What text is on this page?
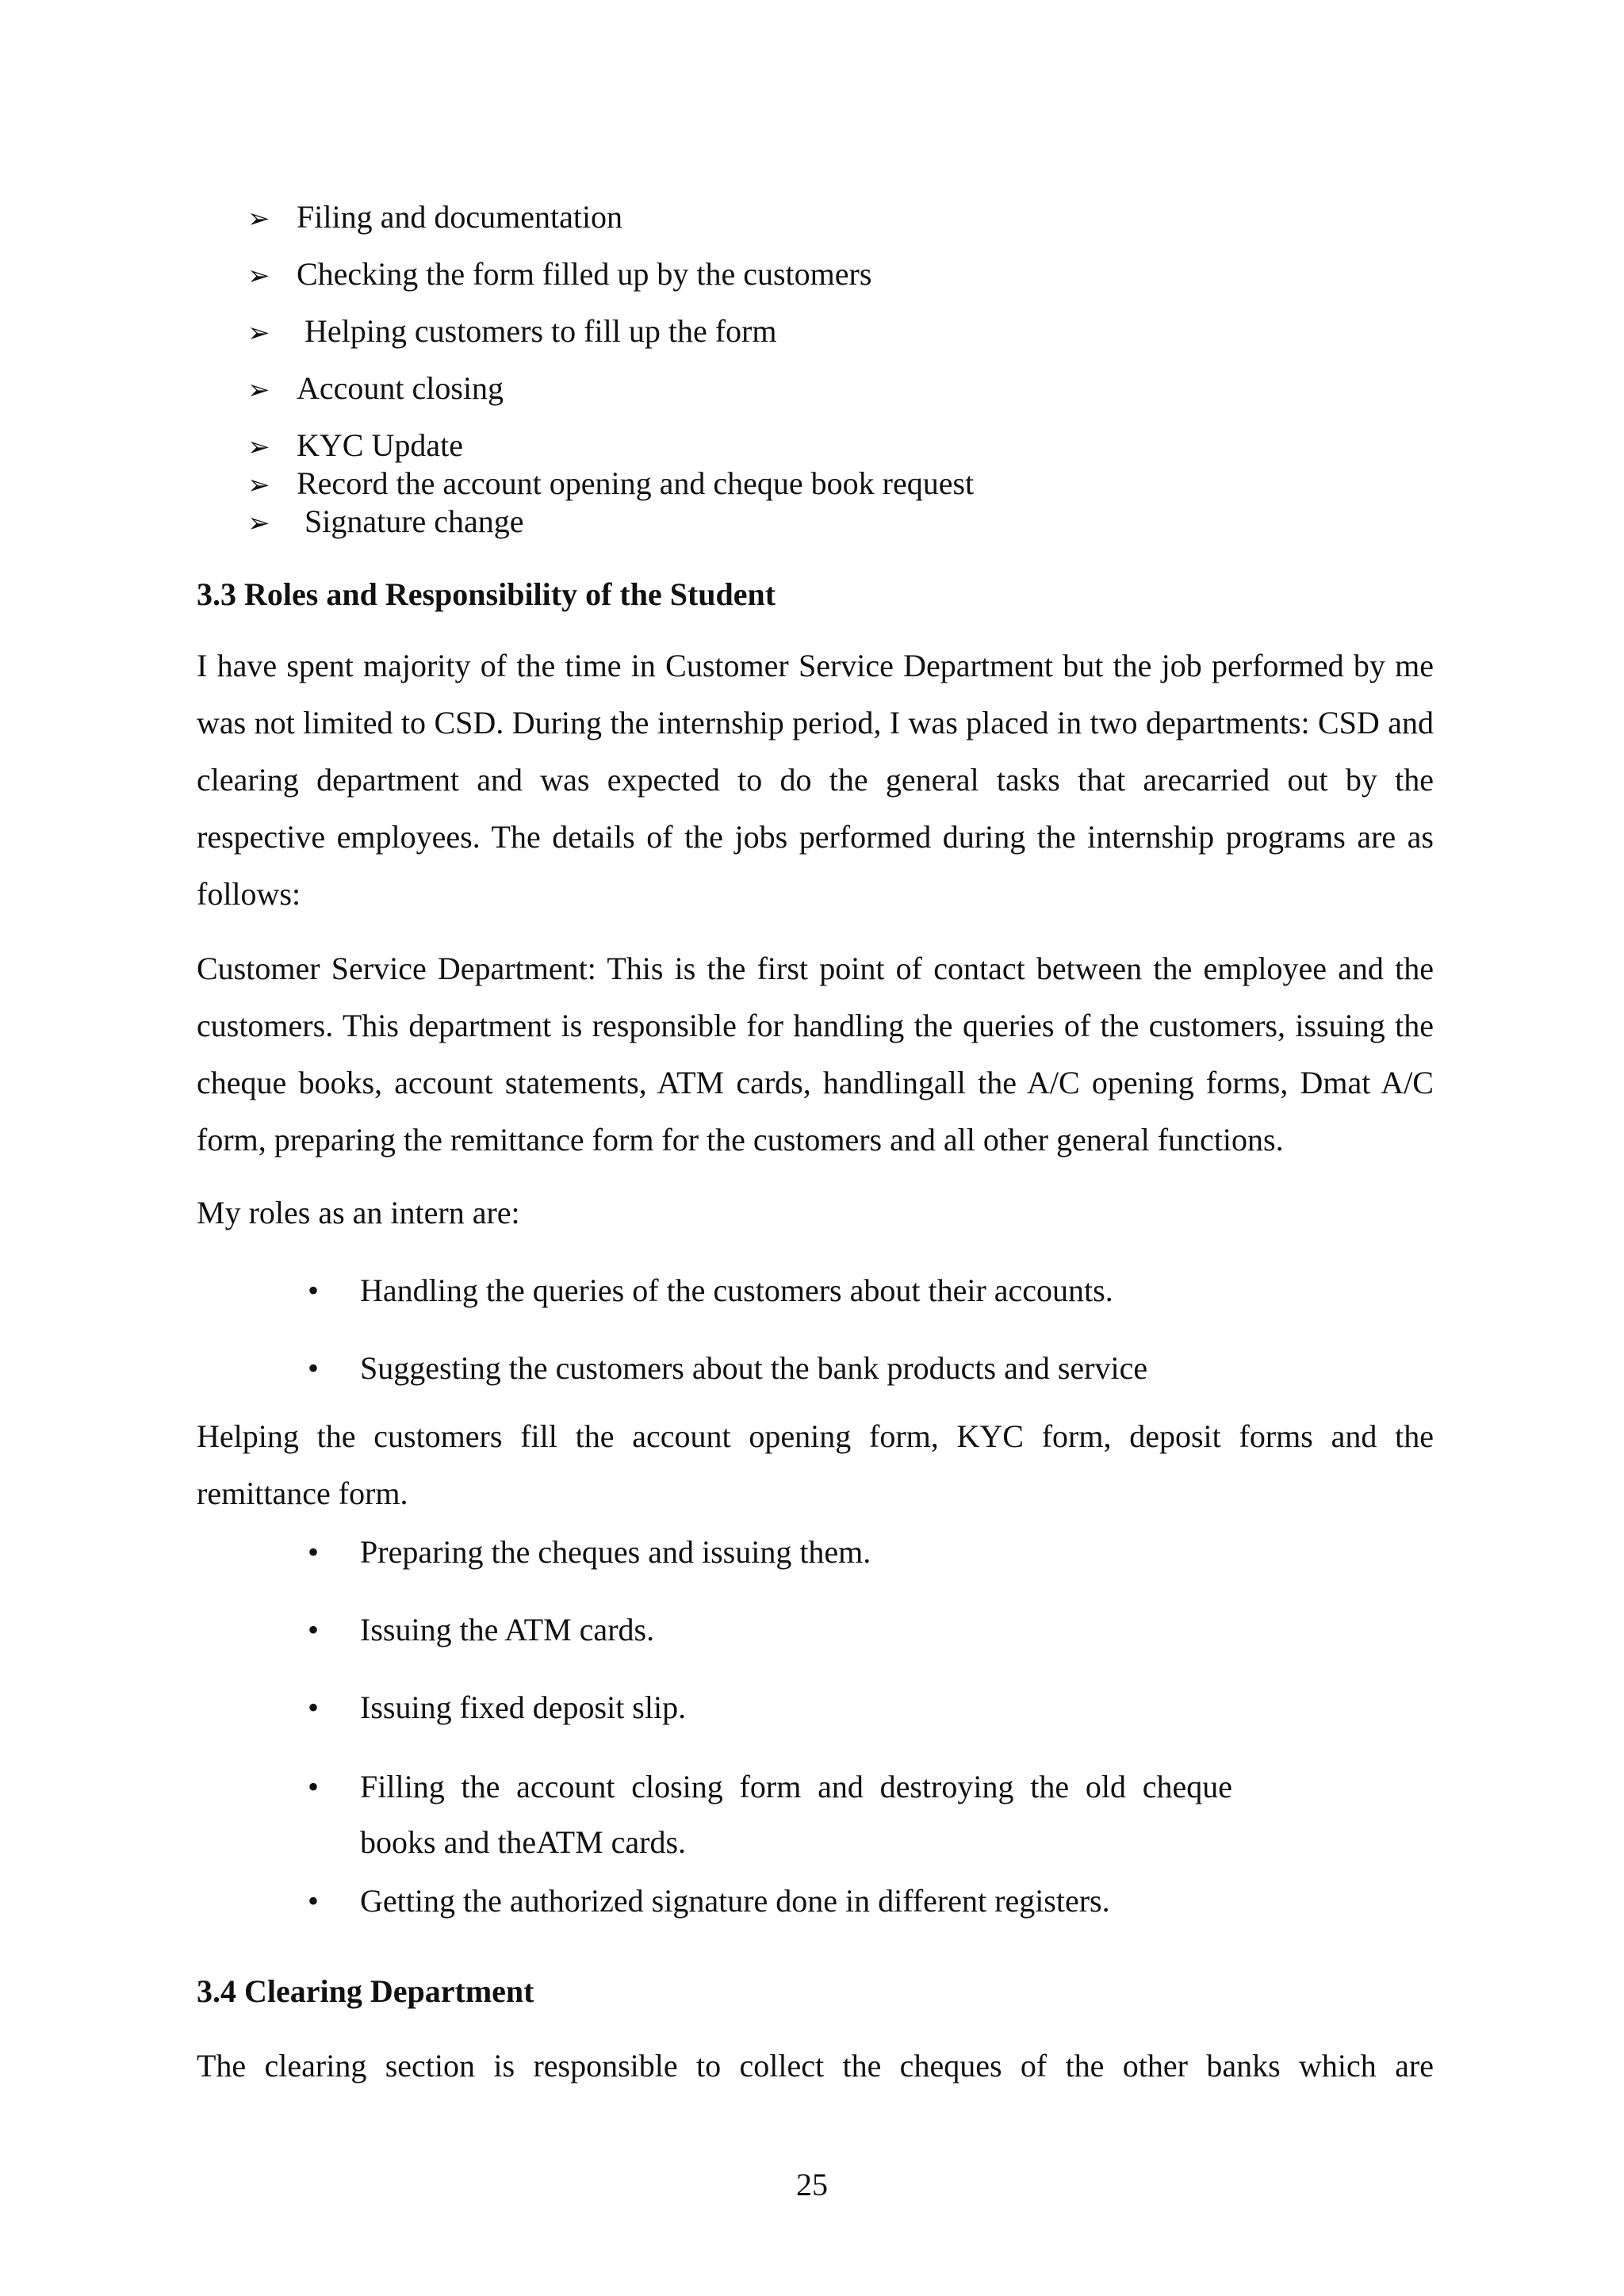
➢ Filing and documentation
➢ Checking the form filled up by the customers
➢ Helping customers to fill up the form
➢ Account closing
➢ KYC Update
➢ Record the account opening and cheque book request
➢ Signature change
3.3 Roles and Responsibility of the Student
I have spent majority of the time in Customer Service Department but the job performed by me was not limited to CSD. During the internship period, I was placed in two departments: CSD and clearing department and was expected to do the general tasks that arecarried out by the respective employees. The details of the jobs performed during the internship programs are as follows:
Customer Service Department: This is the first point of contact between the employee and the customers. This department is responsible for handling the queries of the customers, issuing the cheque books, account statements, ATM cards, handlingall the A/C opening forms, Dmat A/C form, preparing the remittance form for the customers and all other general functions.
My roles as an intern are:
• Handling the queries of the customers about their accounts.
• Suggesting the customers about the bank products and service
Helping the customers fill the account opening form, KYC form, deposit forms and the remittance form.
• Preparing the cheques and issuing them.
• Issuing the ATM cards.
• Issuing fixed deposit slip.
• Filling the account closing form and destroying the old cheque books and theATM cards.
• Getting the authorized signature done in different registers.
3.4 Clearing Department
The clearing section is responsible to collect the cheques of the other banks which are
25
